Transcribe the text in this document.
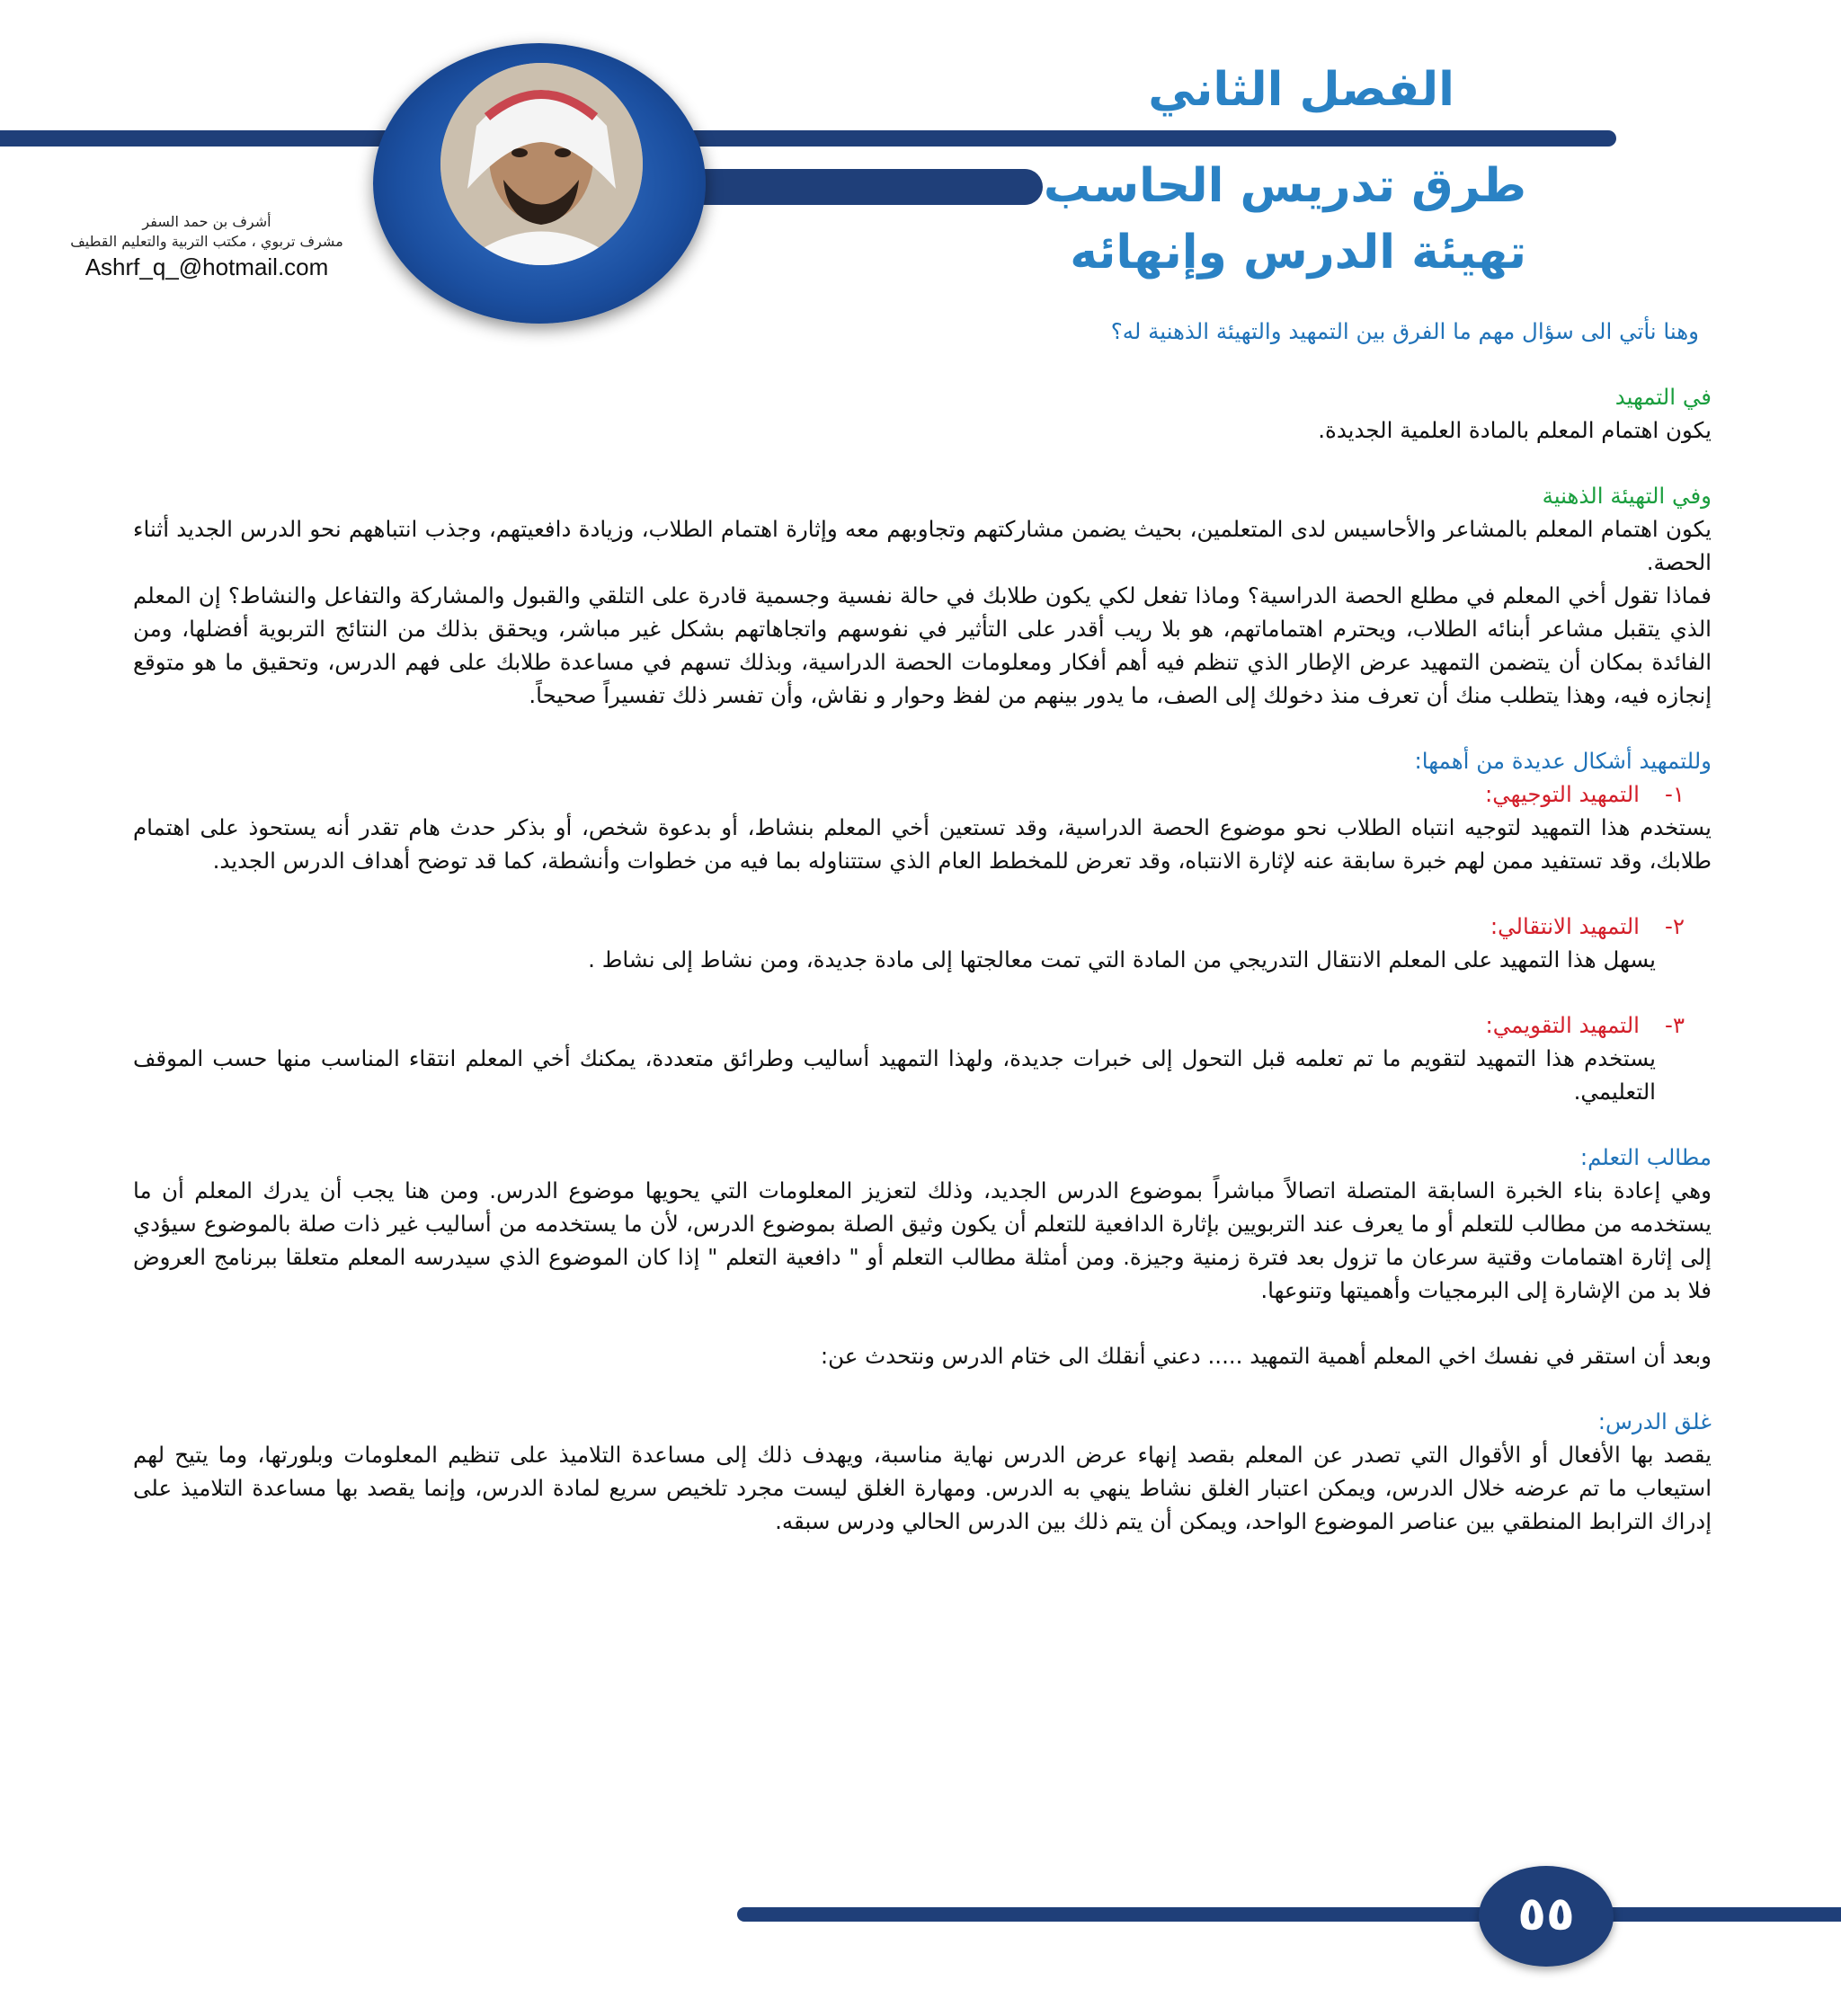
أشرف بن حمد السفر
مشرف تربوي ، مكتب التربية والتعليم القطيف
Ashrf_q_@hotmail.com
الفصل الثاني
طرق تدريس الحاسب
تهيئة الدرس وإنهائه

وهنا نأتي الى سؤال مهم ما الفرق بين التمهيد والتهيئة الذهنية له؟

في التمهيد

يكون اهتمام المعلم بالمادة العلمية الجديدة.

وفي التهيئة الذهنية

يكون اهتمام المعلم بالمشاعر والأحاسيس لدى المتعلمين، بحيث يضمن مشاركتهم وتجاوبهم معه وإثارة اهتمام الطلاب، وزيادة دافعيتهم، وجذب انتباههم نحو الدرس الجديد أثناء الحصة.

فماذا تقول أخي المعلم في مطلع الحصة الدراسية؟ وماذا تفعل لكي يكون طلابك في حالة نفسية وجسمية قادرة على التلقي والقبول والمشاركة والتفاعل والنشاط؟ إن المعلم الذي يتقبل مشاعر أبنائه الطلاب، ويحترم اهتماماتهم، هو بلا ريب أقدر على التأثير في نفوسهم واتجاهاتهم بشكل غير مباشر، ويحقق بذلك من النتائج التربوية أفضلها، ومن الفائدة بمكان أن يتضمن التمهيد عرض الإطار الذي تنظم فيه أهم أفكار ومعلومات الحصة الدراسية، وبذلك تسهم في مساعدة طلابك على فهم الدرس، وتحقيق ما هو متوقع إنجازه فيه، وهذا يتطلب منك أن تعرف منذ دخولك إلى الصف، ما يدور بينهم من لفظ وحوار و نقاش، وأن تفسر ذلك تفسيراً صحيحاً.

وللتمهيد أشكال عديدة من أهمها:

١-التمهيد التوجيهي:

يستخدم هذا التمهيد لتوجيه انتباه الطلاب نحو موضوع الحصة الدراسية، وقد تستعين أخي المعلم بنشاط، أو بدعوة شخص، أو بذكر حدث هام تقدر أنه يستحوذ على اهتمام طلابك، وقد تستفيد ممن لهم خبرة سابقة عنه لإثارة الانتباه، وقد تعرض للمخطط العام الذي ستتناوله بما فيه من خطوات وأنشطة، كما قد توضح أهداف الدرس الجديد.

٢-التمهيد الانتقالي:

يسهل هذا التمهيد على المعلم الانتقال التدريجي من المادة التي تمت معالجتها إلى مادة جديدة، ومن نشاط إلى نشاط .

٣-التمهيد التقويمي:

يستخدم هذا التمهيد لتقويم ما تم تعلمه قبل التحول إلى خبرات جديدة، ولهذا التمهيد أساليب وطرائق متعددة، يمكنك أخي المعلم انتقاء المناسب منها حسب الموقف التعليمي.

مطالب التعلم:

وهي إعادة بناء الخبرة السابقة المتصلة اتصالاً مباشراً بموضوع الدرس الجديد، وذلك لتعزيز المعلومات التي يحويها موضوع الدرس. ومن هنا يجب أن يدرك المعلم أن ما يستخدمه من مطالب للتعلم أو ما يعرف عند التربويين بإثارة الدافعية للتعلم أن يكون وثيق الصلة بموضوع الدرس، لأن ما يستخدمه من أساليب غير ذات صلة بالموضوع سيؤدي إلى إثارة اهتمامات وقتية سرعان ما تزول بعد فترة زمنية وجيزة. ومن أمثلة مطالب التعلم أو " دافعية التعلم " إذا كان الموضوع الذي سيدرسه المعلم متعلقا ببرنامج العروض فلا بد من الإشارة إلى البرمجيات وأهميتها وتنوعها.

وبعد أن استقر في نفسك اخي المعلم أهمية التمهيد ..... دعني أنقلك الى ختام الدرس ونتحدث عن:

غلق الدرس:

يقصد بها الأفعال أو الأقوال التي تصدر عن المعلم بقصد إنهاء عرض الدرس نهاية مناسبة، ويهدف ذلك إلى مساعدة التلاميذ على تنظيم المعلومات وبلورتها، وما يتيح لهم استيعاب ما تم عرضه خلال الدرس، ويمكن اعتبار الغلق نشاط ينهي به الدرس. ومهارة الغلق ليست مجرد تلخيص سريع لمادة الدرس، وإنما يقصد بها مساعدة التلاميذ على إدراك الترابط المنطقي بين عناصر الموضوع الواحد، ويمكن أن يتم ذلك بين الدرس الحالي ودرس سبقه.

٥٥
